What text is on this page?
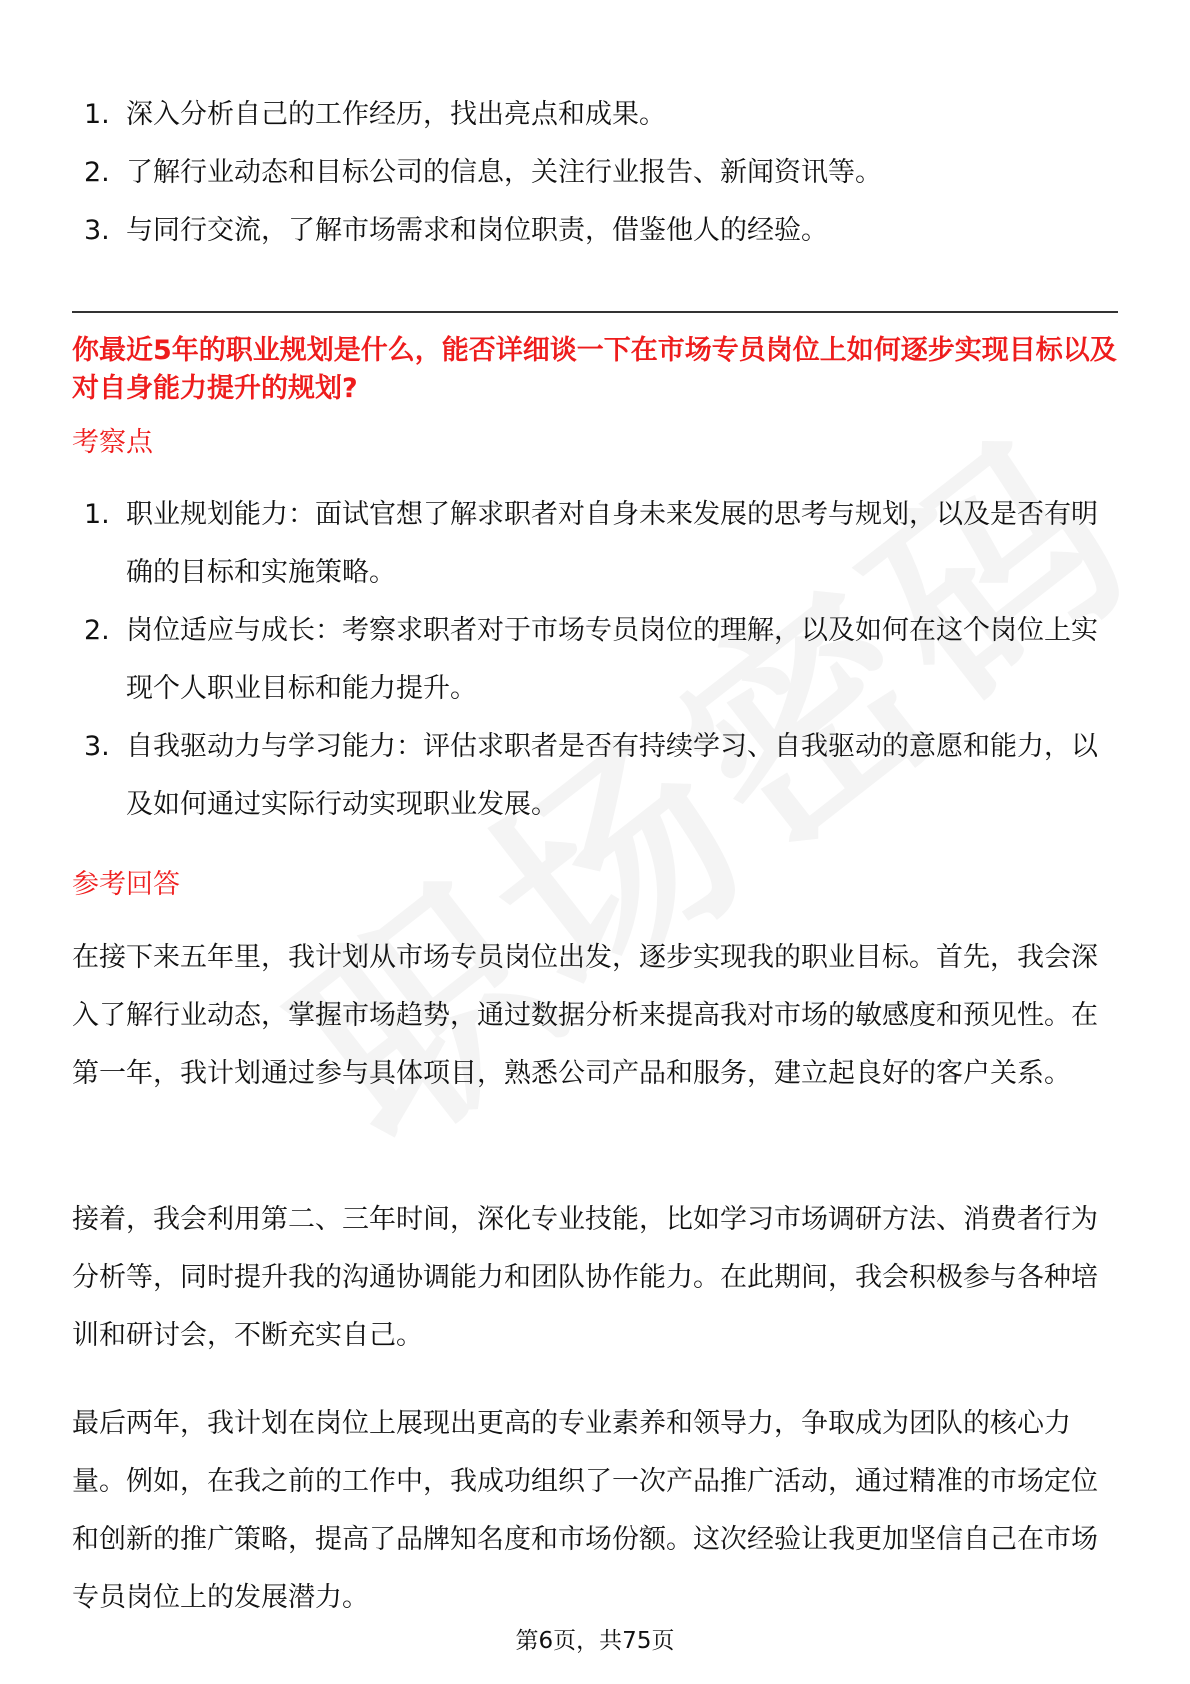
1. 深入分析自己的工作经历，找出亮点和成果。
2. 了解行业动态和目标公司的信息，关注行业报告、新闻资讯等。
3. 与同行交流，了解市场需求和岗位职责，借鉴他人的经验。
你最近5年的职业规划是什么，能否详细谈一下在市场专员岗位上如何逐步实现目标以及对自身能力提升的规划?
考察点
1. 职业规划能力：面试官想了解求职者对自身未来发展的思考与规划，以及是否有明确的目标和实施策略。
2. 岗位适应与成长：考察求职者对于市场专员岗位的理解，以及如何在这个岗位上实现个人职业目标和能力提升。
3. 自我驱动力与学习能力：评估求职者是否有持续学习、自我驱动的意愿和能力，以及如何通过实际行动实现职业发展。
参考回答

在接下来五年里，我计划从市场专员岗位出发，逐步实现我的职业目标。首先，我会深入了解行业动态，掌握市场趋势，通过数据分析来提高我对市场的敏感度和预见性。在第一年，我计划通过参与具体项目，熟悉公司产品和服务，建立起良好的客户关系。

接着，我会利用第二、三年时间，深化专业技能，比如学习市场调研方法、消费者行为分析等，同时提升我的沟通协调能力和团队协作能力。在此期间，我会积极参与各种培训和研讨会，不断充实自己。

最后两年，我计划在岗位上展现出更高的专业素养和领导力，争取成为团队的核心力量。例如，在我之前的工作中，我成功组织了一次产品推广活动，通过精准的市场定位和创新的推广策略，提高了品牌知名度和市场份额。这次经验让我更加坚信自己在市场专员岗位上的发展潜力。

第6页，共75页
